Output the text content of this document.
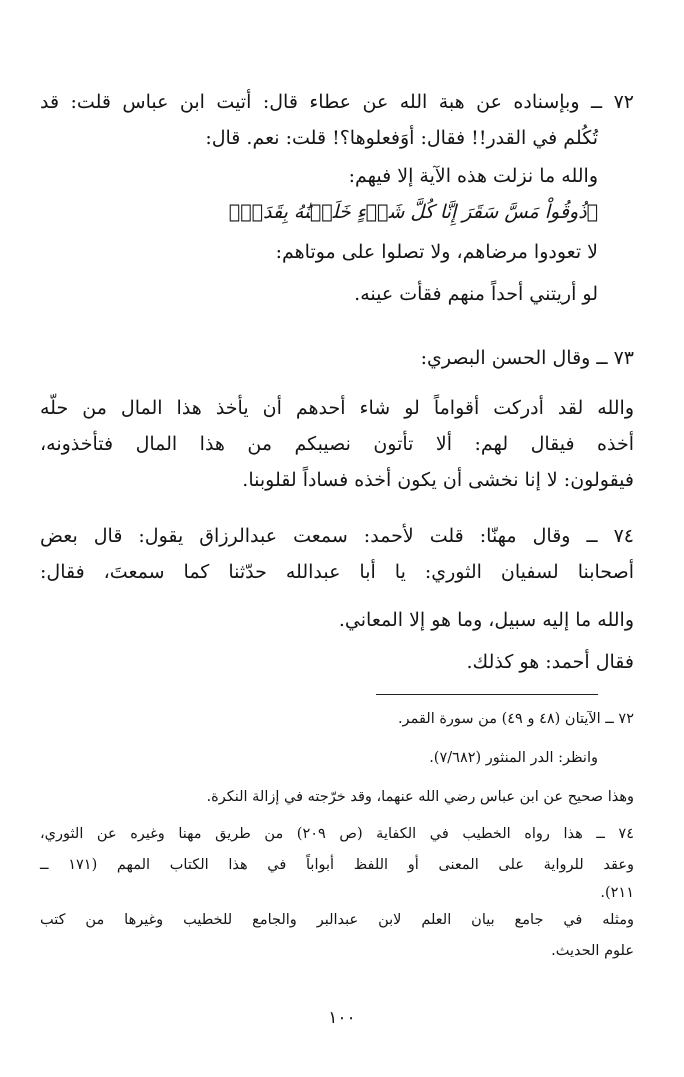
٧٢ ــ وبإسناده عن هبة الله عن عطاء قال: أتيت ابن عباس قلت: قد
تُكُلم في القدر!! فقال: أوَفعلوها؟! قلت: نعم. قال:
والله ما نزلت هذه الآية إلا فيهم:
﴿ذُوقُواْ مَسَّ سَقَرَ إِنَّا كُلَّ شَيۡءٍ خَلَقۡنَٰهُ بِقَدَرٖ﴾
لا تعودوا مرضاهم، ولا تصلوا على موتاهم:
لو أريتني أحداً منهم فقأت عينه.
٧٣ ــ وقال الحسن البصري:
والله لقد أدركت أقواماً لو شاء أحدهم أن يأخذ هذا المال من حلّه
أخذه فيقال لهم: ألا تأتون نصيبكم من هذا المال فتأخذونه،
فيقولون: لا إنا نخشى أن يكون أخذه فساداً لقلوبنا.
٧٤ ــ وقال مهنّا: قلت لأحمد: سمعت عبدالرزاق يقول: قال بعض
أصحابنا لسفيان الثوري: يا أبا عبدالله حدّثنا كما سمعتَ، فقال:
والله ما إليه سبيل، وما هو إلا المعاني.
فقال أحمد: هو كذلك.
٧٢ ــ الآيتان (٤٨ و ٤٩) من سورة القمر.
وانظر: الدر المنثور (٧/٦٨٢).
وهذا صحيح عن ابن عباس رضي الله عنهما، وقد خرّجته في إزالة النكرة.
٧٤ ــ هذا رواه الخطيب في الكفاية (ص ٢٠٩) من طريق مهنا وغيره عن الثوري،
وعقد للرواية على المعنى أو اللفظ أبواباً في هذا الكتاب المهم (١٧١ ــ
٢١١).
ومثله في جامع بيان العلم لابن عبدالبر والجامع للخطيب وغيرها من كتب
علوم الحديث.
١٠٠
